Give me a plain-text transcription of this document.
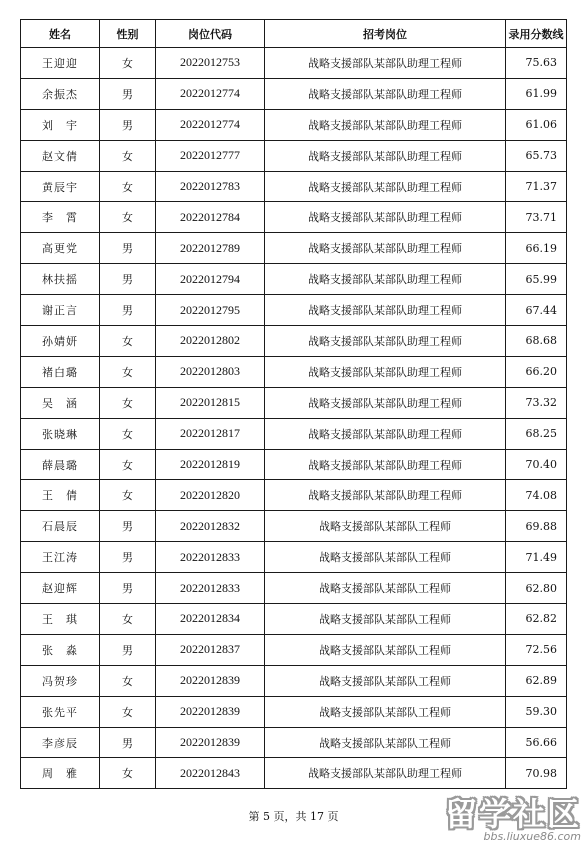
姓名	性别	岗位代码	招考岗位	录用分数线
王迎迎	女	2022012753	战略支援部队某部队助理工程师	75.63
余振杰	男	2022012774	战略支援部队某部队助理工程师	61.99
刘　宇	男	2022012774	战略支援部队某部队助理工程师	61.06
赵文倩	女	2022012777	战略支援部队某部队助理工程师	65.73
黄辰宇	女	2022012783	战略支援部队某部队助理工程师	71.37
李　霄	女	2022012784	战略支援部队某部队助理工程师	73.71
高更党	男	2022012789	战略支援部队某部队助理工程师	66.19
林扶摇	男	2022012794	战略支援部队某部队助理工程师	65.99
谢正言	男	2022012795	战略支援部队某部队助理工程师	67.44
孙婧妍	女	2022012802	战略支援部队某部队助理工程师	68.68
褚白璐	女	2022012803	战略支援部队某部队助理工程师	66.20
吴　涵	女	2022012815	战略支援部队某部队助理工程师	73.32
张晓琳	女	2022012817	战略支援部队某部队助理工程师	68.25
薛晨璐	女	2022012819	战略支援部队某部队助理工程师	70.40
王　倩	女	2022012820	战略支援部队某部队助理工程师	74.08
石晨辰	男	2022012832	战略支援部队某部队工程师	69.88
王江涛	男	2022012833	战略支援部队某部队工程师	71.49
赵迎辉	男	2022012833	战略支援部队某部队工程师	62.80
王　琪	女	2022012834	战略支援部队某部队工程师	62.82
张　淼	男	2022012837	战略支援部队某部队工程师	72.56
冯贺珍	女	2022012839	战略支援部队某部队工程师	62.89
张先平	女	2022012839	战略支援部队某部队工程师	59.30
李彦辰	男	2022012839	战略支援部队某部队工程师	56.66
周　雅	女	2022012843	战略支援部队某部队助理工程师	70.98
第 5 页，共 17 页	留学社区
bbs.liuxue86.com
